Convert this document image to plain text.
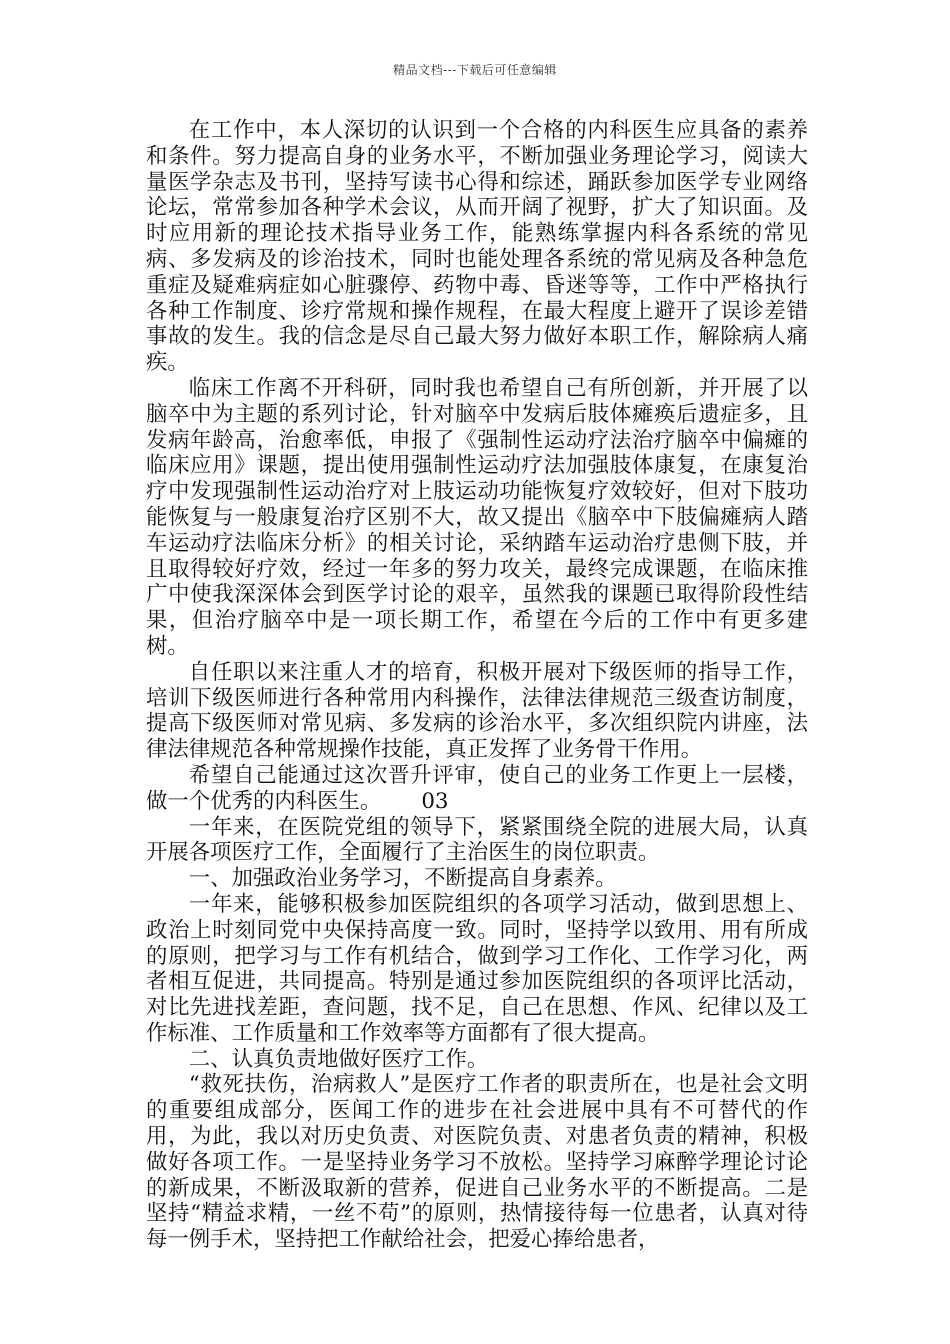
精品文档---下载后可任意编辑

在工作中，本人深切的认识到一个合格的内科医生应具备的素养和条件。努力提高自身的业务水平，不断加强业务理论学习，阅读大量医学杂志及书刊，坚持写读书心得和综述，踊跃参加医学专业网络论坛，常常参加各种学术会议，从而开阔了视野，扩大了知识面。及时应用新的理论技术指导业务工作，能熟练掌握内科各系统的常见病、多发病及的诊治技术，同时也能处理各系统的常见病及各种急危重症及疑难病症如心脏骤停、药物中毒、昏迷等等，工作中严格执行各种工作制度、诊疗常规和操作规程，在最大程度上避开了误诊差错事故的发生。我的信念是尽自己最大努力做好本职工作，解除病人痛疾。

临床工作离不开科研，同时我也希望自己有所创新，并开展了以脑卒中为主题的系列讨论，针对脑卒中发病后肢体瘫痪后遗症多，且发病年龄高，治愈率低，申报了《强制性运动疗法治疗脑卒中偏瘫的临床应用》课题，提出使用强制性运动疗法加强肢体康复，在康复治疗中发现强制性运动治疗对上肢运动功能恢复疗效较好，但对下肢功能恢复与一般康复治疗区别不大，故又提出《脑卒中下肢偏瘫病人踏车运动疗法临床分析》的相关讨论，采纳踏车运动治疗患侧下肢，并且取得较好疗效，经过一年多的努力攻关，最终完成课题，在临床推广中使我深深体会到医学讨论的艰辛，虽然我的课题已取得阶段性结果，但治疗脑卒中是一项长期工作，希望在今后的工作中有更多建树。

自任职以来注重人才的培育，积极开展对下级医师的指导工作，培训下级医师进行各种常用内科操作，法律法律规范三级查访制度，提高下级医师对常见病、多发病的诊治水平，多次组织院内讲座，法律法律规范各种常规操作技能，真正发挥了业务骨干作用。

希望自己能通过这次晋升评审，使自己的业务工作更上一层楼，做一个优秀的内科医生。 03

一年来，在医院党组的领导下，紧紧围绕全院的进展大局，认真开展各项医疗工作，全面履行了主治医生的岗位职责。

一、加强政治业务学习，不断提高自身素养。

一年来，能够积极参加医院组织的各项学习活动，做到思想上、政治上时刻同党中央保持高度一致。同时，坚持学以致用、用有所成的原则，把学习与工作有机结合，做到学习工作化、工作学习化，两者相互促进，共同提高。特别是通过参加医院组织的各项评比活动，对比先进找差距，查问题，找不足，自己在思想、作风、纪律以及工作标准、工作质量和工作效率等方面都有了很大提高。

二、认真负责地做好医疗工作。

“救死扶伤，治病救人”是医疗工作者的职责所在，也是社会文明的重要组成部分，医闻工作的进步在社会进展中具有不可替代的作用，为此，我以对历史负责、对医院负责、对患者负责的精神，积极做好各项工作。一是坚持业务学习不放松。坚持学习麻醉学理论讨论的新成果，不断汲取新的营养，促进自己业务水平的不断提高。二是坚持“精益求精，一丝不苟”的原则，热情接待每一位患者，认真对待每一例手术，坚持把工作献给社会，把爱心捧给患者，
